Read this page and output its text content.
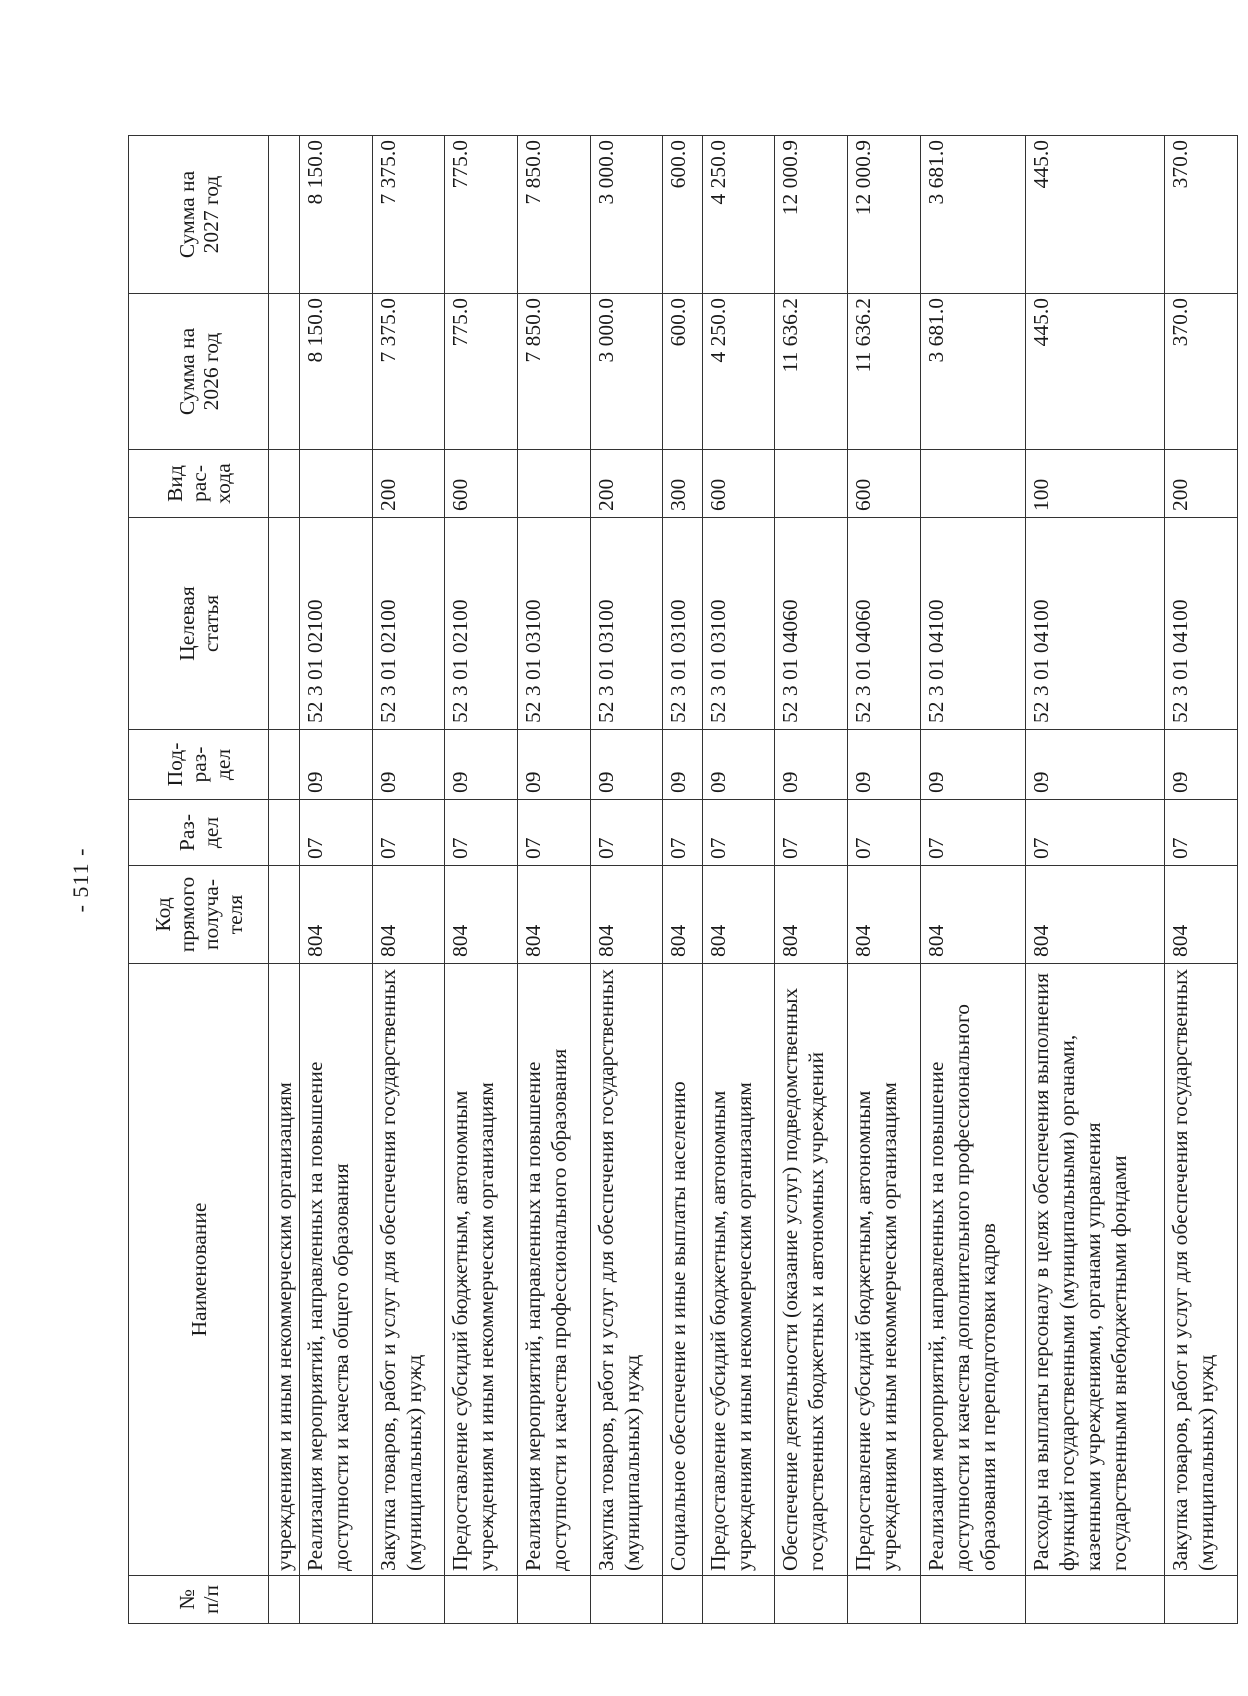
- 511 -
№
п/п	Наименование	Код
прямого
получа-
теля	Раз-
дел	Под-
раз-
дел	Целевая
статья	Вид
рас-
хода	Сумма на
2026 год	Сумма на
2027 год
	учреждениям и иным некоммерческим организациям							
	Реализация мероприятий, направленных на повышение доступности и качества общего образования	804	07	09	52 3 01 02100		8 150.0	8 150.0
	Закупка товаров, работ и услуг для обеспечения государственных (муниципальных) нужд	804	07	09	52 3 01 02100	200	7 375.0	7 375.0
	Предоставление субсидий бюджетным, автономным учреждениям и иным некоммерческим организациям	804	07	09	52 3 01 02100	600	775.0	775.0
	Реализация мероприятий, направленных на повышение доступности и качества профессионального образования	804	07	09	52 3 01 03100		7 850.0	7 850.0
	Закупка товаров, работ и услуг для обеспечения государственных (муниципальных) нужд	804	07	09	52 3 01 03100	200	3 000.0	3 000.0
	Социальное обеспечение и иные выплаты населению	804	07	09	52 3 01 03100	300	600.0	600.0
	Предоставление субсидий бюджетным, автономным учреждениям и иным некоммерческим организациям	804	07	09	52 3 01 03100	600	4 250.0	4 250.0
	Обеспечение деятельности (оказание услуг) подведомственных государственных бюджетных и автономных учреждений	804	07	09	52 3 01 04060		11 636.2	12 000.9
	Предоставление субсидий бюджетным, автономным учреждениям и иным некоммерческим организациям	804	07	09	52 3 01 04060	600	11 636.2	12 000.9
	Реализация мероприятий, направленных на повышение доступности и качества дополнительного профессионального образования и переподготовки кадров	804	07	09	52 3 01 04100		3 681.0	3 681.0
	Расходы на выплаты персоналу в целях обеспечения выполнения функций государственными (муниципальными) органами, казенными учреждениями, органами управления государственными внебюджетными фондами	804	07	09	52 3 01 04100	100	445.0	445.0
	Закупка товаров, работ и услуг для обеспечения государственных (муниципальных) нужд	804	07	09	52 3 01 04100	200	370.0	370.0
